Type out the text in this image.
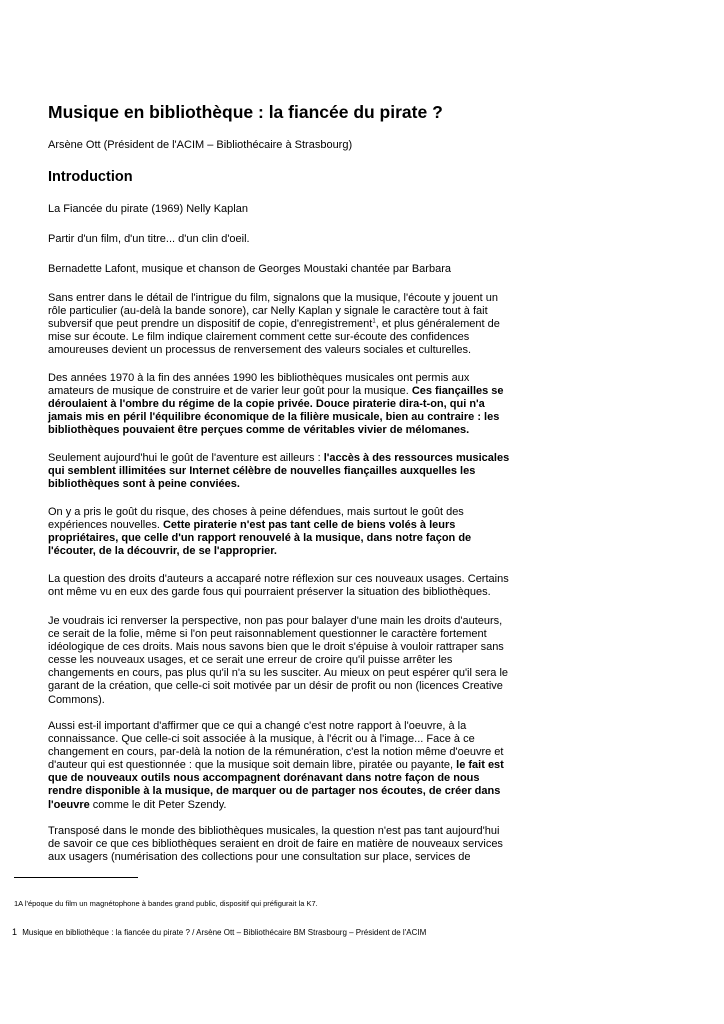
Musique en bibliothèque : la fiancée du pirate ?
Arsène Ott (Président de l'ACIM – Bibliothécaire à Strasbourg)
Introduction

La Fiancée du pirate (1969) Nelly Kaplan

Partir d'un film, d'un titre... d'un clin d'oeil.

Bernadette Lafont, musique et chanson de Georges Moustaki chantée par Barbara

Sans entrer dans le détail de l'intrigue du film, signalons que la musique, l'écoute y jouent un rôle particulier (au-delà la bande sonore), car Nelly Kaplan y signale le caractère tout à fait subversif que peut prendre un dispositif de copie, d'enregistrement$^1$, et plus généralement de mise sur écoute. Le film indique clairement comment cette sur-écoute des confidences amoureuses devient un processus de renversement des valeurs sociales et culturelles.

Des années 1970 à la fin des années 1990 les bibliothèques musicales ont permis aux amateurs de musique de construire et de varier leur goût pour la musique. Ces fiançailles se déroulaient à l'ombre du régime de la copie privée. Douce piraterie dira-t-on, qui n'a jamais mis en péril l'équilibre économique de la filière musicale, bien au contraire : les bibliothèques pouvaient être perçues comme de véritables vivier de mélomanes.

Seulement aujourd'hui le goût de l'aventure est ailleurs : l'accès à des ressources musicales qui semblent illimitées sur Internet célèbre de nouvelles fiançailles auxquelles les bibliothèques sont à peine conviées.

On y a pris le goût du risque, des choses à peine défendues, mais surtout le goût des expériences nouvelles. Cette piraterie n'est pas tant celle de biens volés à leurs propriétaires, que celle d'un rapport renouvelé à la musique, dans notre façon de l'écouter, de la découvrir, de se l'approprier.

La question des droits d'auteurs a accaparé notre réflexion sur ces nouveaux usages. Certains ont même vu en eux des garde fous qui pourraient préserver la situation des bibliothèques.

Je voudrais ici renverser la perspective, non pas pour balayer d'une main les droits d'auteurs, ce serait de la folie, même si l'on peut raisonnablement questionner le caractère fortement idéologique de ces droits. Mais nous savons bien que le droit s'épuise à vouloir rattraper sans cesse les nouveaux usages, et ce serait une erreur de croire qu'il puisse arrêter les changements en cours, pas plus qu'il n'a su les susciter. Au mieux on peut espérer qu'il sera le garant de la création, que celle-ci soit motivée par un désir de profit ou non (licences Creative Commons).

Aussi est-il important d'affirmer que ce qui a changé c'est notre rapport à l'oeuvre, à la connaissance. Que celle-ci soit associée à la musique, à l'écrit ou à l'image... Face à ce changement en cours, par-delà la notion de la rémunération, c'est la notion même d'oeuvre et d'auteur qui est questionnée : que la musique soit demain libre, piratée ou payante, le fait est que de nouveaux outils nous accompagnent dorénavant dans notre façon de nous rendre disponible à la musique, de marquer ou de partager nos écoutes, de créer dans l'oeuvre comme le dit Peter Szendy.

Transposé dans le monde des bibliothèques musicales, la question n'est pas tant aujourd'hui de savoir ce que ces bibliothèques seraient en droit de faire en matière de nouveaux services aux usagers (numérisation des collections pour une consultation sur place, services de

1A l'époque du film un magnétophone à bandes grand public, dispositif qui préfigurait la K7.
1 Musique en bibliothèque : la fiancée du pirate ? / Arsène Ott – Bibliothécaire BM Strasbourg – Président de l'ACIM
